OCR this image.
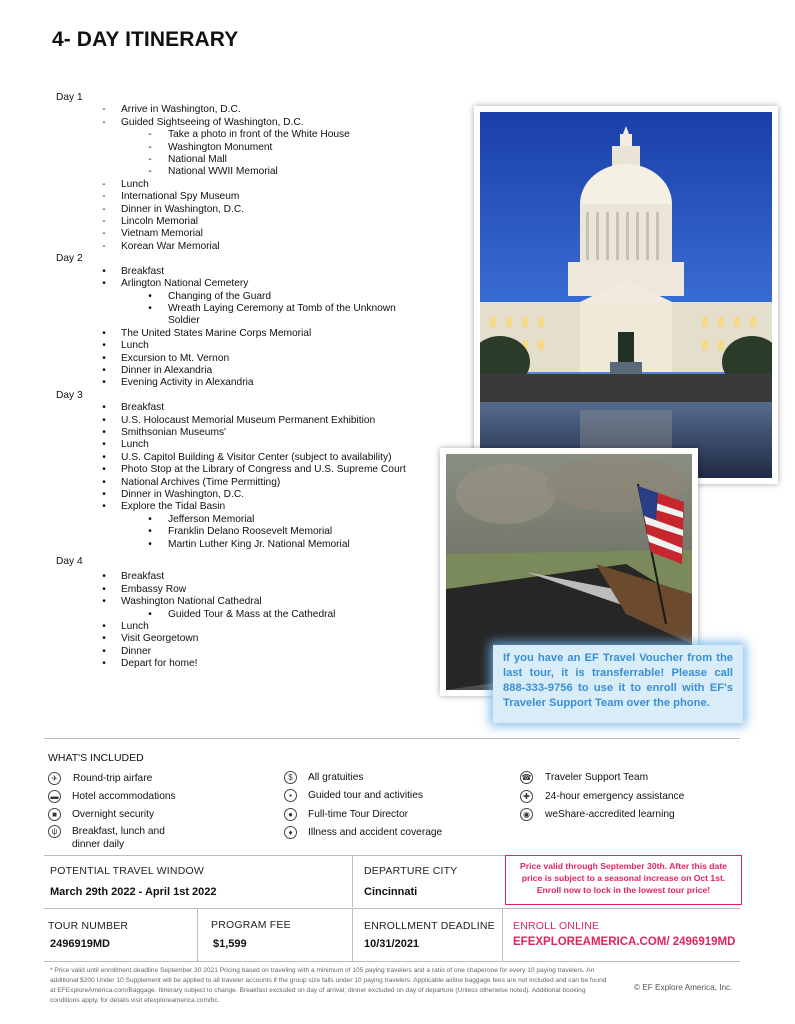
4- DAY ITINERARY
Day 1
- Arrive in Washington, D.C.
- Guided Sightseeing of Washington, D.C.
- Take a photo in front of the White House
- Washington Monument
- National Mall
- National WWII Memorial
- Lunch
- International Spy Museum
- Dinner in Washington, D.C.
- Lincoln Memorial
- Vietnam Memorial
- Korean War Memorial
Day 2
• Breakfast
• Arlington National Cemetery
• Changing of the Guard
• Wreath Laying Ceremony at Tomb of the Unknown
Soldier
• The United States Marine Corps Memorial
• Lunch
• Excursion to Mt. Vernon
• Dinner in Alexandria
• Evening Activity in Alexandria
Day 3
• Breakfast
• U.S. Holocaust Memorial Museum Permanent Exhibition
• Smithsonian Museums'
• Lunch
• U.S. Capitol Building & Visitor Center (subject to availability)
• Photo Stop at the Library of Congress and U.S. Supreme Court
• National Archives (Time Permitting)
• Dinner in Washington, D.C.
• Explore the Tidal Basin
• Jefferson Memorial
• Franklin Delano Roosevelt Memorial
• Martin Luther King Jr. National Memorial
Day 4
• Breakfast
• Embassy Row
• Washington National Cathedral
• Guided Tour & Mass at the Cathedral
• Lunch
• Visit Georgetown
• Dinner
• Depart for home!	If you have an EF Travel Voucher from the last tour, it is transferrable! Please call 888-333-9756 to use it to enroll with EF's Traveler Support Team over the phone.
WHAT'S INCLUDED
✈	Round-trip airfare
▬	Hotel accommodations
■	Overnight security
ψ	Breakfast, lunch and
dinner daily
$	All gratuities
▪	Guided tour and activities
●	Full-time Tour Director
♦	Illness and accident coverage
☎	Traveler Support Team
✚	24-hour emergency assistance
◉	weShare-accredited learning
POTENTIAL TRAVEL WINDOW
March 29th 2022 - April 1st 2022
DEPARTURE CITY
Cincinnati
Price valid through September 30th. After this date price is subject to a seasonal increase on Oct 1st. Enroll now to lock in the lowest tour price!
TOUR NUMBER
2496919MD
PROGRAM FEE
$1,599
ENROLLMENT DEADLINE
10/31/2021
ENROLL ONLINE
EFEXPLOREAMERICA.COM/ 2496919MD
* Price valid until enrollment deadline September 30 2021 Pricing based on traveling with a minimum of 105 paying travelers and a ratio of one chaperone for every 10 paying travelers. An additional $200 Under 10 Supplement will be applied to all traveler accounts if the group size falls under 10 paying travelers. Applicable airline baggage fees are not included and can be found at EFExploreAmerica.com/Baggage. Itinerary subject to change. Breakfast excluded on day of arrival; dinner excluded on day of departure (Unless otherwise noted). Additional booking conditions apply, for details visit efexploreamerica.com/bc.
© EF Explore America, Inc.
